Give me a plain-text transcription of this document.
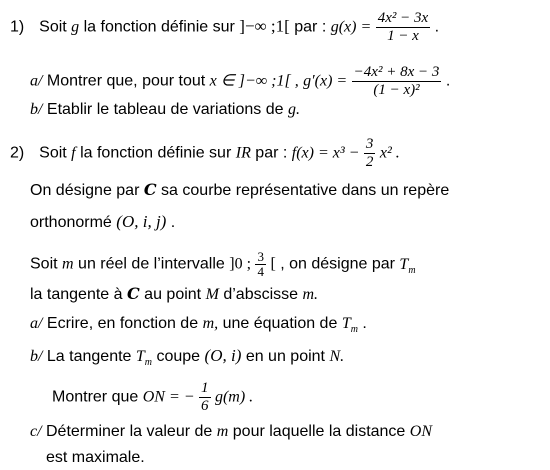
1) Soit g la fonction définie sur ]−∞ ;1[ par : $g(x) = \frac{\text{4x² − 3x}}{1 - x}$ .
a/ Montrer que, pour tout x ∈ ]−∞ ;1[ , $g'(x) = \frac{\text{−4x² + 8x − 3}}{\text{(1 − x)²}}$ .
b/ Etablir le tableau de variations de g.
2) Soit f la fonction définie sur IR par : $f(x) = x^3 - \frac{3}{2} x^2$ .
On désigne par C sa courbe représentative dans un repère
orthonormé (O, i, j) .
Soit m un réel de l’intervalle ]0 ; $\frac{3}{4}$ [ , on désigne par $T_m$
la tangente à C au point M d’abscisse m.
a/ Ecrire, en fonction de m, une équation de $T_m$ .
b/ La tangente $T_m$ coupe (O, i) en un point N.
Montrer que ON = − $\frac{1}{6} g(m)$ .
c/ Déterminer la valeur de m pour laquelle la distance ON
est maximale.
